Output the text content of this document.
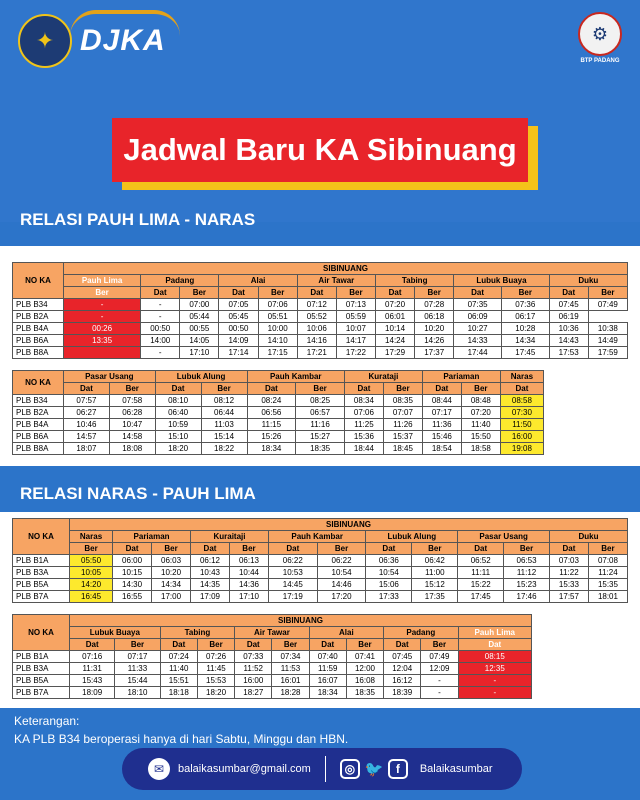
✦ DJKA	⚙
BTP PADANG
Jadwal Baru KA Sibinuang
RELASI PAUH LIMA - NARAS
RELASI NARAS - PAUH LIMA
NO KA	SIBINUANG												
	Pauh Lima	Padang		Alai		Air Tawar		Tabing		Lubuk Buaya		Duku	
	Ber	Dat	Ber	Dat	Ber	Dat	Ber	Dat	Ber	Dat	Ber	Dat	Ber
PLB B34	-	-	07:00	07:05	07:06	07:12	07:13	07:20	07:28	07:35	07:36	07:45	07:49
PLB B2A	-	-	05:44	05:45	05:51	05:52	05:59	06:01	06:18	06:09	06:17	06:19	
PLB B4A	00:26	00:50	00:55	00:50	10:00	10:06	10:07	10:14	10:20	10:27	10:28	10:36	10:38
PLB B6A	13:35	14:00	14:05	14:09	14:10	14:16	14:17	14:24	14:26	14:33	14:34	14:43	14:49
PLB B8A		-	17:10	17:14	17:15	17:21	17:22	17:29	17:37	17:44	17:45	17:53	17:59
NO KA	Pasar Usang		Lubuk Alung		Pauh Kambar		Kurataji		Pariaman		Naras
	Dat	Ber	Dat	Ber	Dat	Ber	Dat	Ber	Dat	Ber	Dat
PLB B34	07:57	07:58	08:10	08:12	08:24	08:25	08:34	08:35	08:44	08:48	08:58
PLB B2A	06:27	06:28	06:40	06:44	06:56	06:57	07:06	07:07	07:17	07:20	07:30
PLB B4A	10:46	10:47	10:59	11:03	11:15	11:16	11:25	11:26	11:36	11:40	11:50
PLB B6A	14:57	14:58	15:10	15:14	15:26	15:27	15:36	15:37	15:46	15:50	16:00
PLB B8A	18:07	18:08	18:20	18:22	18:34	18:35	18:44	18:45	18:54	18:58	19:08
NO KA	SIBINUANG												
	Naras	Pariaman		Kuraitaji		Pauh Kambar		Lubuk Alung		Pasar Usang		Duku	
	Ber	Dat	Ber	Dat	Ber	Dat	Ber	Dat	Ber	Dat	Ber	Dat	Ber
PLB B1A	05:50	06:00	06:03	06:12	06:13	06:22	06:22	06:36	06:42	06:52	06:53	07:03	07:08
PLB B3A	10:05	10:15	10:20	10:43	10:44	10:53	10:54	10:54	11:00	11:11	11:12	11:22	11:24
PLB B5A	14:20	14:30	14:34	14:35	14:36	14:45	14:46	15:06	15:12	15:22	15:23	15:33	15:35
PLB B7A	16:45	16:55	17:00	17:09	17:10	17:19	17:20	17:33	17:35	17:45	17:46	17:57	18:01
NO KA	SIBINUANG										
	Lubuk Buaya		Tabing		Air Tawar		Alai		Padang		Pauh Lima
	Dat	Ber	Dat	Ber	Dat	Ber	Dat	Ber	Dat	Ber	Dat
PLB B1A	07:16	07:17	07:24	07:26	07:33	07:34	07:40	07:41	07:45	07:49	08:15
PLB B3A	11:31	11:33	11:40	11:45	11:52	11:53	11:59	12:00	12:04	12:09	12:35
PLB B5A	15:43	15:44	15:51	15:53	16:00	16:01	16:07	16:08	16:12	-	-
PLB B7A	18:09	18:10	18:18	18:20	18:27	18:28	18:34	18:35	18:39	-	-
Keterangan:
KA PLB B34 beroperasi hanya di hari Sabtu, Minggu dan HBN.
✉	balaikasumbar@gmail.com	◎ 🐦	f	Balaikasumbar
